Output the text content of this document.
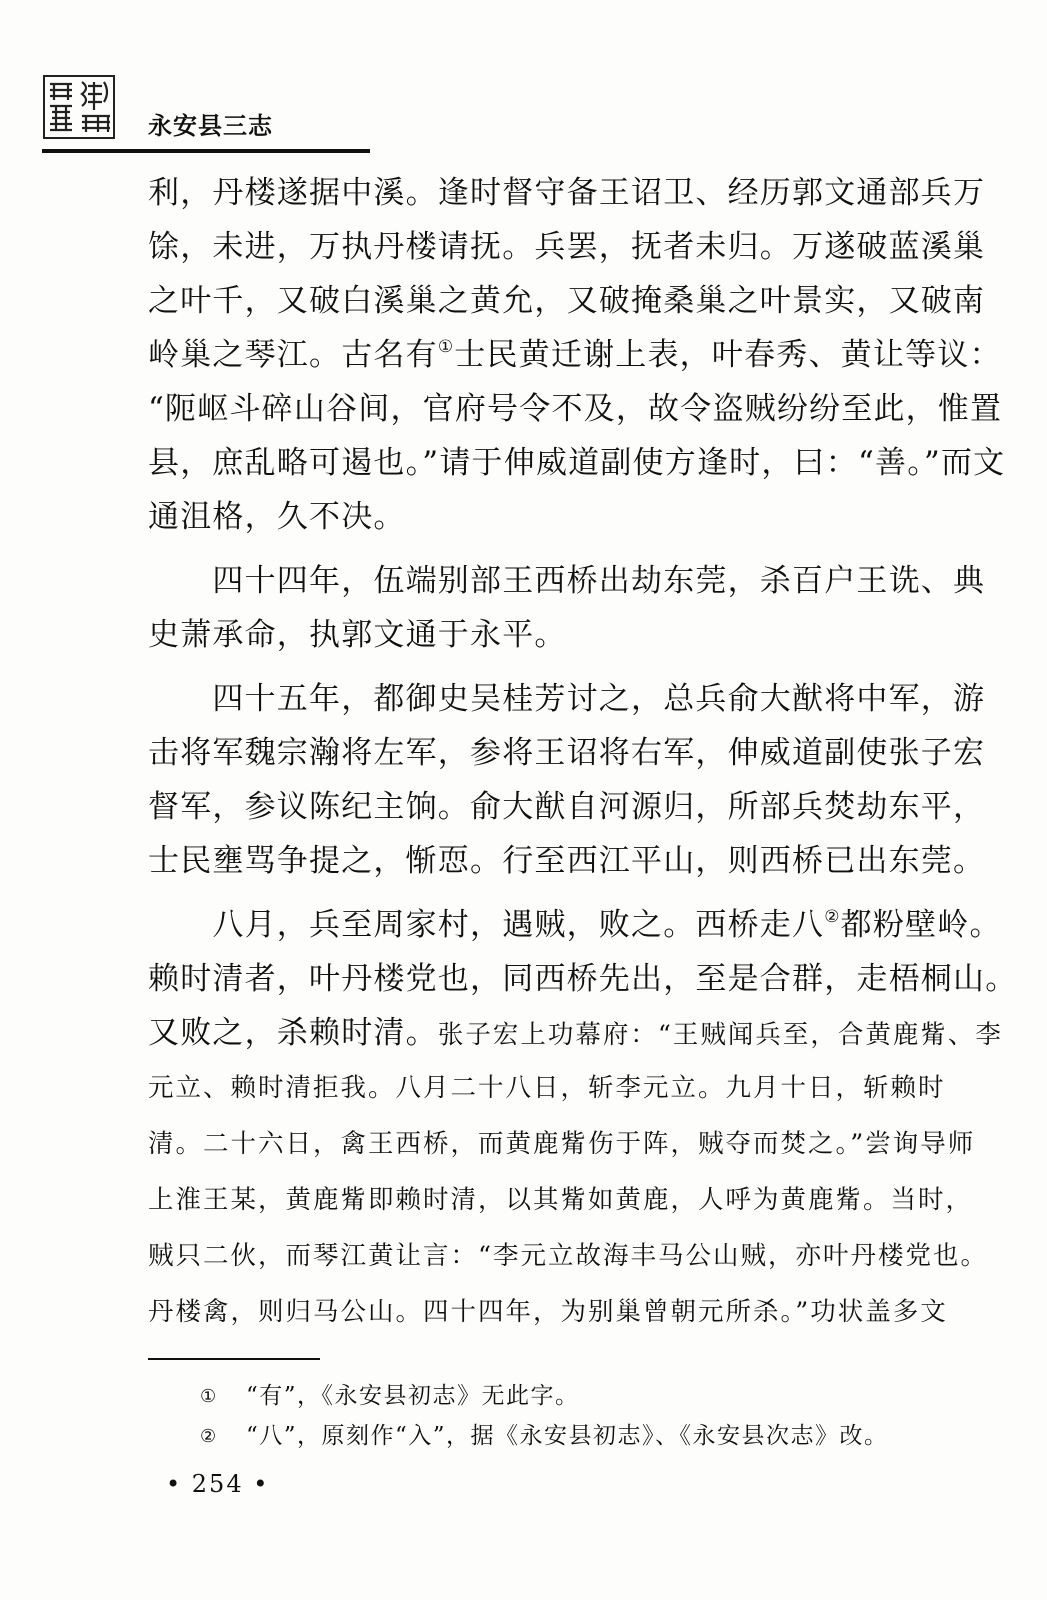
永安县三志
利，丹楼遂据中溪。逢时督守备王诏卫、经历郭文通部兵万
馀，未进，万执丹楼请抚。兵罢，抚者未归。万遂破蓝溪巢
之叶千，又破白溪巢之黄允，又破掩桑巢之叶景实，又破南
岭巢之琴江。古名有①士民黄迁谢上表，叶春秀、黄让等议：
“阨岖斗碎山谷间，官府号令不及，故令盗贼纷纷至此，惟置
县，庶乱略可遏也。”请于伸威道副使方逢时，曰：“善。”而文
通沮格，久不决。
　　四十四年，伍端别部王西桥出劫东莞，杀百户王诜、典
史萧承命，执郭文通于永平。
　　四十五年，都御史吴桂芳讨之，总兵俞大猷将中军，游
击将军魏宗瀚将左军，参将王诏将右军，伸威道副使张子宏
督军，参议陈纪主饷。俞大猷自河源归，所部兵焚劫东平，
士民壅骂争提之，惭恧。行至西江平山，则西桥已出东莞。
　　八月，兵至周家村，遇贼，败之。西桥走八②都粉壁岭。
赖时清者，叶丹楼党也，同西桥先出，至是合群，走梧桐山。
又败之，杀赖时清。张子宏上功幕府：“王贼闻兵至，合黄鹿觜、李
元立、赖时清拒我。八月二十八日，斩李元立。九月十日，斩赖时
清。二十六日，禽王西桥，而黄鹿觜伤于阵，贼夺而焚之。”尝询导师
上淮王某，黄鹿觜即赖时清，以其觜如黄鹿，人呼为黄鹿觜。当时，
贼只二伙，而琴江黄让言：“李元立故海丰马公山贼，亦叶丹楼党也。
丹楼禽，则归马公山。四十四年，为别巢曾朝元所杀。”功状盖多文
① “有”，《永安县初志》无此字。
② “八”，原刻作“入”，据《永安县初志》、《永安县次志》改。

• 254 •
